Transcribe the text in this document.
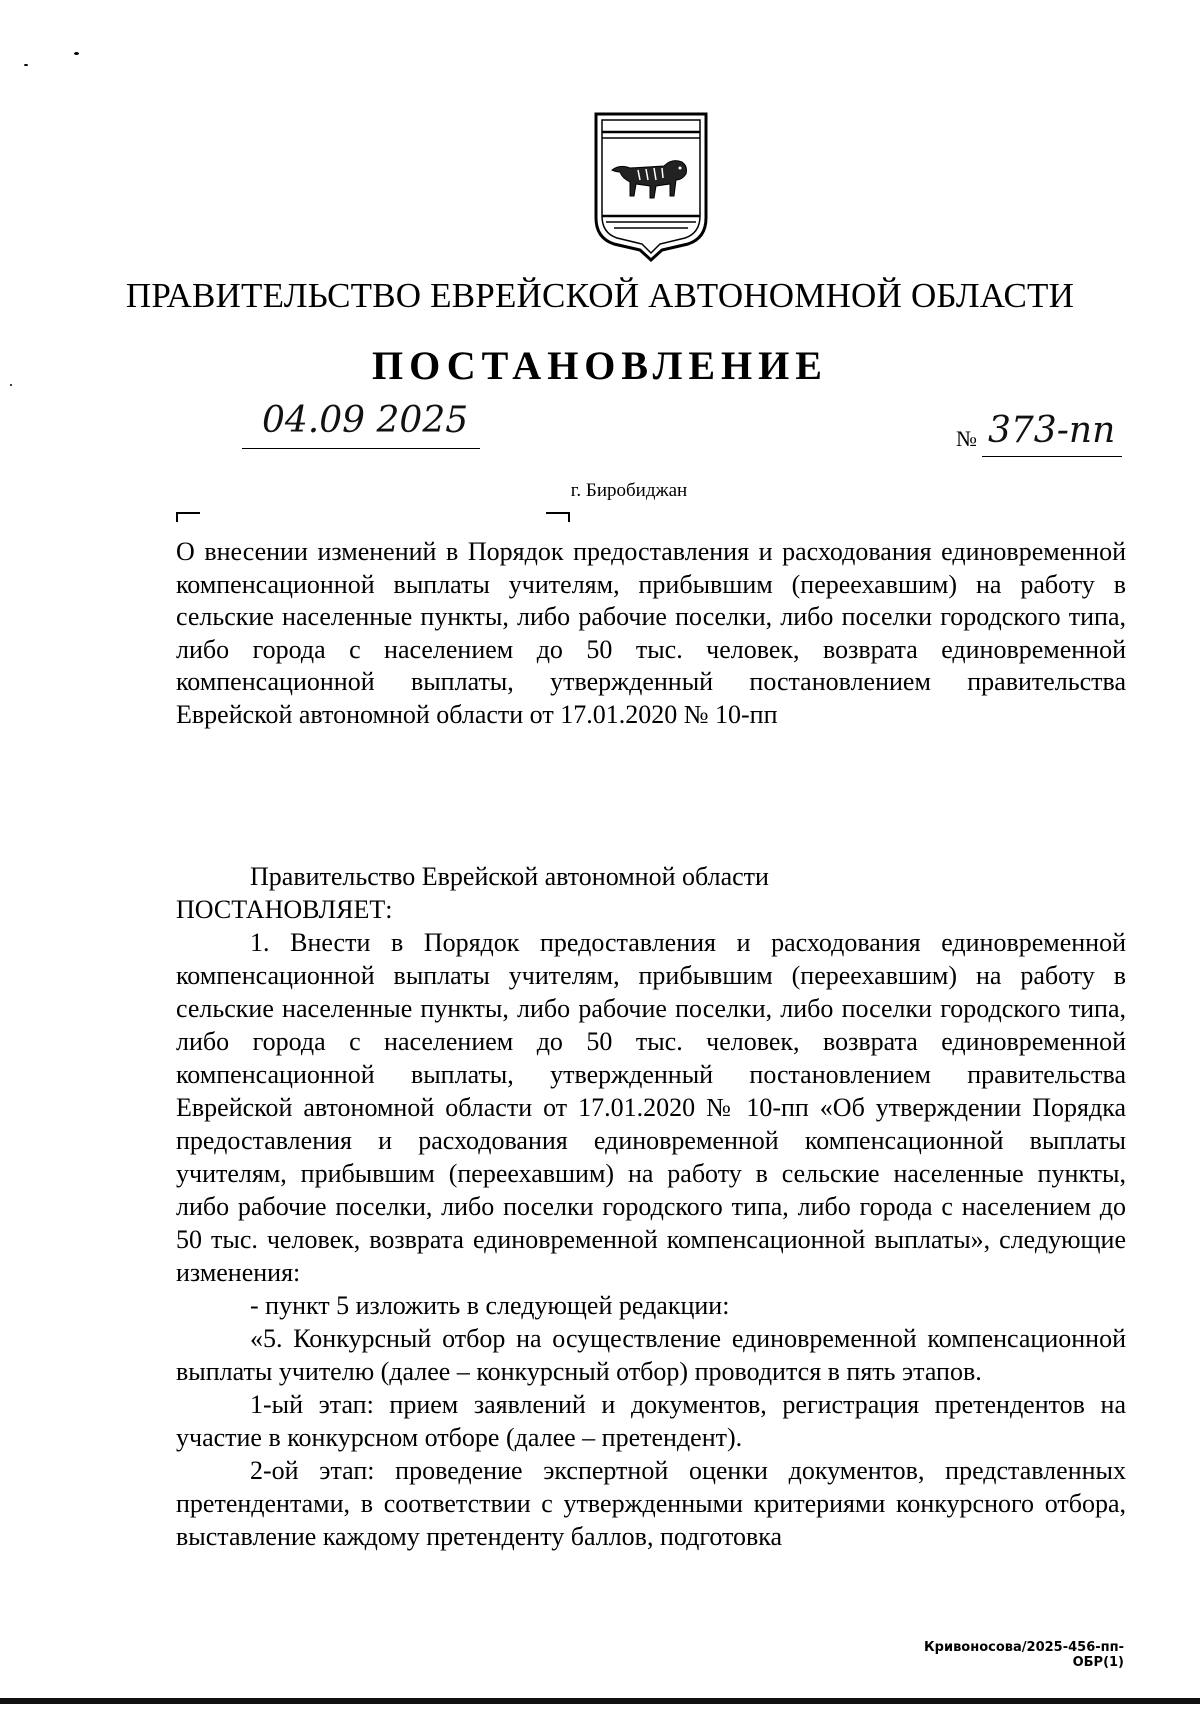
ПРАВИТЕЛЬСТВО ЕВРЕЙСКОЙ АВТОНОМНОЙ ОБЛАСТИ
ПОСТАНОВЛЕНИЕ
04.09 2025	№ 373-пп
г. Биробиджан
О внесении изменений в Порядок предоставления и расходования единовременной компенсационной выплаты учителям, прибывшим (переехавшим) на работу в сельские населенные пункты, либо рабочие поселки, либо поселки городского типа, либо города с населением до 50 тыс. человек, возврата единовременной компенсационной выплаты, утвержденный постановлением правительства Еврейской автономной области от 17.01.2020 № 10-пп

Правительство Еврейской автономной области

ПОСТАНОВЛЯЕТ:

1. Внести в Порядок предоставления и расходования единовременной компенсационной выплаты учителям, прибывшим (переехавшим) на работу в сельские населенные пункты, либо рабочие поселки, либо поселки городского типа, либо города с населением до 50 тыс. человек, возврата единовременной компенсационной выплаты, утвержденный постановлением правительства Еврейской автономной области от 17.01.2020 № 10-пп «Об утверждении Порядка предоставления и расходования единовременной компенсационной выплаты учителям, прибывшим (переехавшим) на работу в сельские населенные пункты, либо рабочие поселки, либо поселки городского типа, либо города с населением до 50 тыс. человек, возврата единовременной компенсационной выплаты», следующие изменения:

- пункт 5 изложить в следующей редакции:

«5. Конкурсный отбор на осуществление единовременной компенсационной выплаты учителю (далее – конкурсный отбор) проводится в пять этапов.

1-ый этап: прием заявлений и документов, регистрация претендентов на участие в конкурсном отборе (далее – претендент).

2-ой этап: проведение экспертной оценки документов, представленных претендентами, в соответствии с утвержденными критериями конкурсного отбора, выставление каждому претенденту баллов, подготовка

Кривоносова/2025-456-пп-ОБР(1)
